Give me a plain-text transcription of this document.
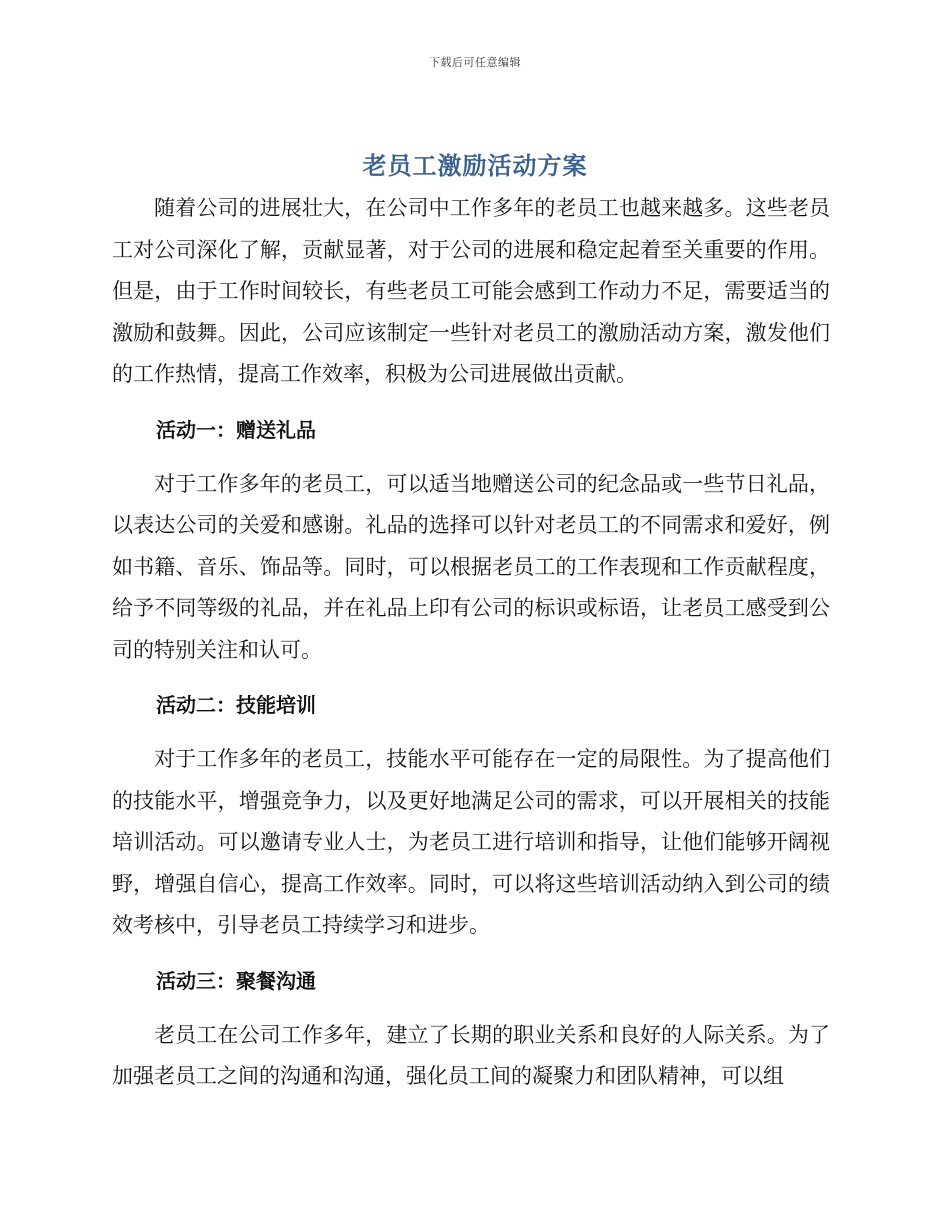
下载后可任意编辑
老员工激励活动方案

随着公司的进展壮大，在公司中工作多年的老员工也越来越多。这些老员工对公司深化了解，贡献显著，对于公司的进展和稳定起着至关重要的作用。但是，由于工作时间较长，有些老员工可能会感到工作动力不足，需要适当的激励和鼓舞。因此，公司应该制定一些针对老员工的激励活动方案，激发他们的工作热情，提高工作效率，积极为公司进展做出贡献。

活动一：赠送礼品

对于工作多年的老员工，可以适当地赠送公司的纪念品或一些节日礼品，以表达公司的关爱和感谢。礼品的选择可以针对老员工的不同需求和爱好，例如书籍、音乐、饰品等。同时，可以根据老员工的工作表现和工作贡献程度，给予不同等级的礼品，并在礼品上印有公司的标识或标语，让老员工感受到公司的特别关注和认可。

活动二：技能培训

对于工作多年的老员工，技能水平可能存在一定的局限性。为了提高他们的技能水平，增强竞争力，以及更好地满足公司的需求，可以开展相关的技能培训活动。可以邀请专业人士，为老员工进行培训和指导，让他们能够开阔视野，增强自信心，提高工作效率。同时，可以将这些培训活动纳入到公司的绩效考核中，引导老员工持续学习和进步。

活动三：聚餐沟通

老员工在公司工作多年，建立了长期的职业关系和良好的人际关系。为了加强老员工之间的沟通和沟通，强化员工间的凝聚力和团队精神，可以组
